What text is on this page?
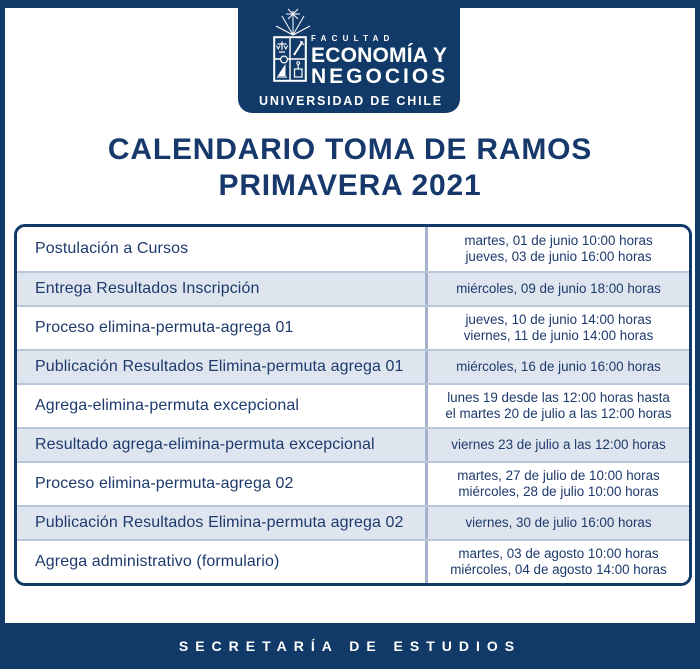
FACULTAD
ECONOMÍA Y
NEGOCIOS
UNIVERSIDAD DE CHILE
CALENDARIO TOMA DE RAMOS
PRIMAVERA 2021
Postulación a Cursos	martes, 01 de junio 10:00 horas
jueves, 03 de junio 16:00 horas
Entrega Resultados Inscripción	miércoles, 09 de junio 18:00 horas
Proceso elimina-permuta-agrega 01	jueves, 10 de junio 14:00 horas
viernes, 11 de junio 14:00 horas
Publicación Resultados Elimina-permuta agrega 01	miércoles, 16 de junio 16:00 horas
Agrega-elimina-permuta excepcional	lunes 19 desde las 12:00 horas hasta
el martes 20 de julio a las 12:00 horas
Resultado agrega-elimina-permuta excepcional	viernes 23 de julio a las 12:00 horas
Proceso elimina-permuta-agrega 02	martes, 27 de julio de 10:00 horas
miércoles, 28 de julio 10:00 horas
Publicación Resultados Elimina-permuta agrega 02	viernes, 30 de julio 16:00 horas
Agrega administrativo (formulario)	martes, 03 de agosto 10:00 horas
miércoles, 04 de agosto 14:00 horas
SECRETARÍA DE ESTUDIOS
